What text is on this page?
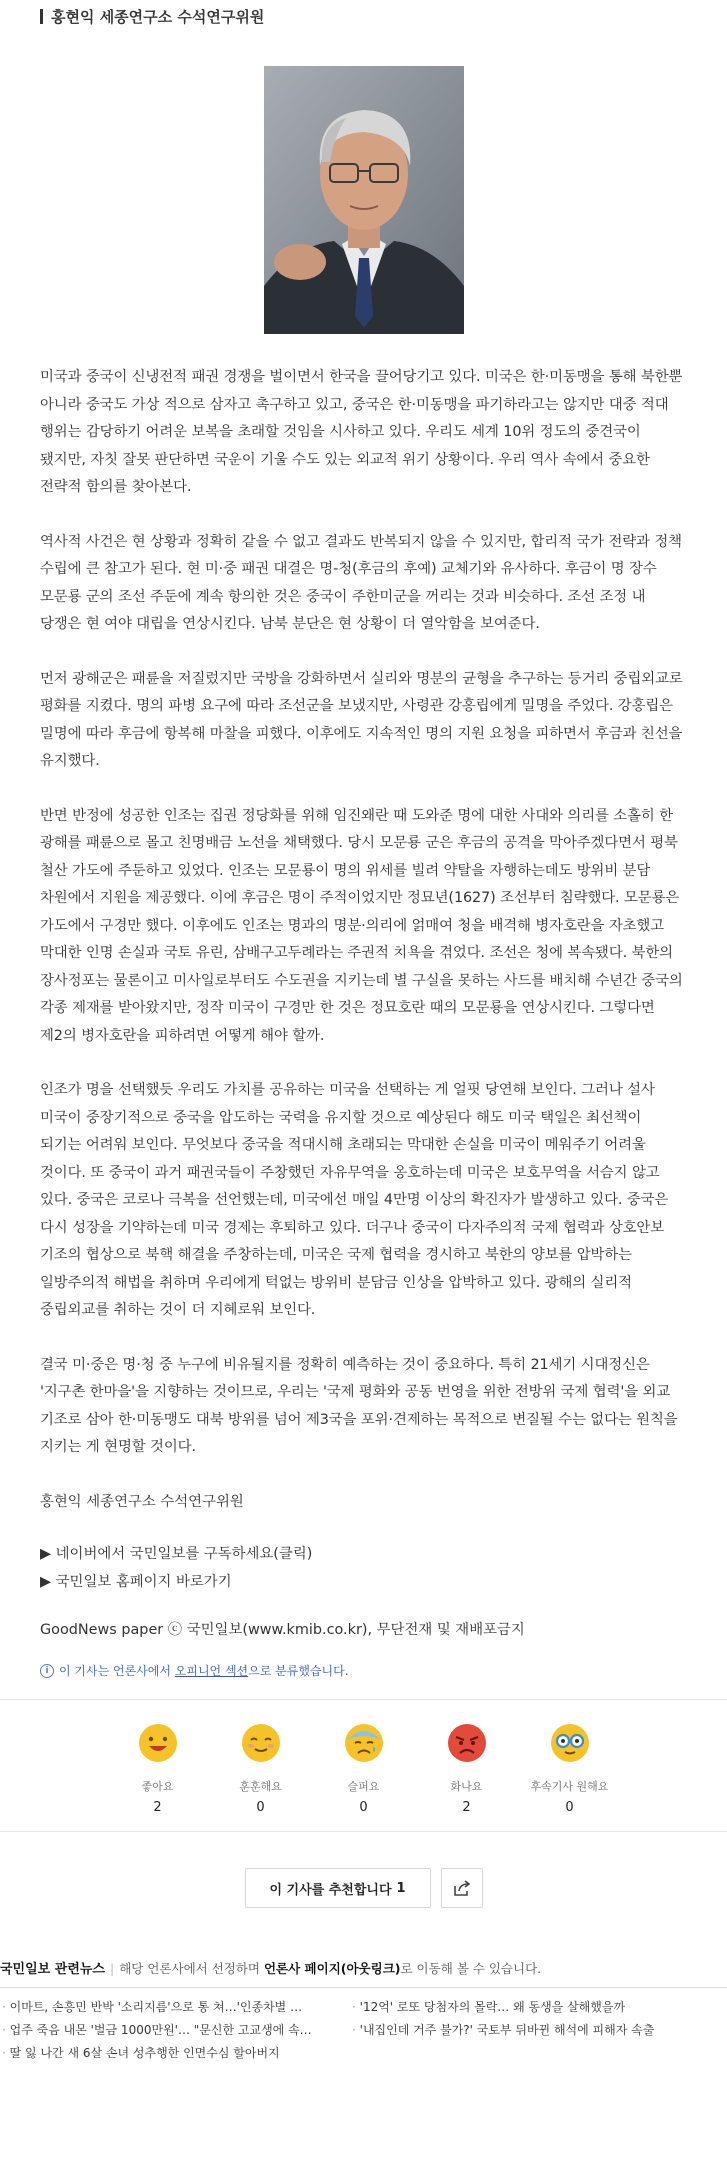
홍현익 세종연구소 수석연구위원

미국과 중국이 신냉전적 패권 경쟁을 벌이면서 한국을 끌어당기고 있다. 미국은 한·미동맹을 통해 북한뿐 아니라 중국도 가상 적으로 삼자고 촉구하고 있고, 중국은 한·미동맹을 파기하라고는 않지만 대중 적대 행위는 감당하기 어려운 보복을 초래할 것임을 시사하고 있다. 우리도 세계 10위 정도의 중견국이 됐지만, 자칫 잘못 판단하면 국운이 기울 수도 있는 외교적 위기 상황이다. 우리 역사 속에서 중요한 전략적 함의를 찾아본다.

역사적 사건은 현 상황과 정확히 같을 수 없고 결과도 반복되지 않을 수 있지만, 합리적 국가 전략과 정책 수립에 큰 참고가 된다. 현 미·중 패권 대결은 명-청(후금의 후예) 교체기와 유사하다. 후금이 명 장수 모문룡 군의 조선 주둔에 계속 항의한 것은 중국이 주한미군을 꺼리는 것과 비슷하다. 조선 조정 내 당쟁은 현 여야 대립을 연상시킨다. 남북 분단은 현 상황이 더 열악함을 보여준다.

먼저 광해군은 패륜을 저질렀지만 국방을 강화하면서 실리와 명분의 균형을 추구하는 등거리 중립외교로 평화를 지켰다. 명의 파병 요구에 따라 조선군을 보냈지만, 사령관 강홍립에게 밀명을 주었다. 강홍립은 밀명에 따라 후금에 항복해 마찰을 피했다. 이후에도 지속적인 명의 지원 요청을 피하면서 후금과 친선을 유지했다.

반면 반정에 성공한 인조는 집권 정당화를 위해 임진왜란 때 도와준 명에 대한 사대와 의리를 소홀히 한 광해를 패륜으로 몰고 친명배금 노선을 채택했다. 당시 모문룡 군은 후금의 공격을 막아주겠다면서 평북 철산 가도에 주둔하고 있었다. 인조는 모문룡이 명의 위세를 빌려 약탈을 자행하는데도 방위비 분담 차원에서 지원을 제공했다. 이에 후금은 명이 주적이었지만 정묘년(1627) 조선부터 침략했다. 모문룡은 가도에서 구경만 했다. 이후에도 인조는 명과의 명분·의리에 얽매여 청을 배격해 병자호란을 자초했고 막대한 인명 손실과 국토 유린, 삼배구고두례라는 주권적 치욕을 겪었다. 조선은 청에 복속됐다. 북한의 장사정포는 물론이고 미사일로부터도 수도권을 지키는데 별 구실을 못하는 사드를 배치해 수년간 중국의 각종 제재를 받아왔지만, 정작 미국이 구경만 한 것은 정묘호란 때의 모문룡을 연상시킨다. 그렇다면 제2의 병자호란을 피하려면 어떻게 해야 할까.

인조가 명을 선택했듯 우리도 가치를 공유하는 미국을 선택하는 게 얼핏 당연해 보인다. 그러나 설사 미국이 중장기적으로 중국을 압도하는 국력을 유지할 것으로 예상된다 해도 미국 택일은 최선책이 되기는 어려워 보인다. 무엇보다 중국을 적대시해 초래되는 막대한 손실을 미국이 메워주기 어려울 것이다. 또 중국이 과거 패권국들이 주창했던 자유무역을 옹호하는데 미국은 보호무역을 서슴지 않고 있다. 중국은 코로나 극복을 선언했는데, 미국에선 매일 4만명 이상의 확진자가 발생하고 있다. 중국은 다시 성장을 기약하는데 미국 경제는 후퇴하고 있다. 더구나 중국이 다자주의적 국제 협력과 상호안보 기조의 협상으로 북핵 해결을 주창하는데, 미국은 국제 협력을 경시하고 북한의 양보를 압박하는 일방주의적 해법을 취하며 우리에게 턱없는 방위비 분담금 인상을 압박하고 있다. 광해의 실리적 중립외교를 취하는 것이 더 지혜로워 보인다.

결국 미·중은 명·청 중 누구에 비유될지를 정확히 예측하는 것이 중요하다. 특히 21세기 시대정신은 '지구촌 한마을'을 지향하는 것이므로, 우리는 '국제 평화와 공동 번영을 위한 전방위 국제 협력'을 외교 기조로 삼아 한·미동맹도 대북 방위를 넘어 제3국을 포위·견제하는 목적으로 변질될 수는 없다는 원칙을 지키는 게 현명할 것이다.

홍현익 세종연구소 수석연구위원

▶ 네이버에서 국민일보를 구독하세요(클릭)
▶ 국민일보 홈페이지 바로가기

GoodNews paper ⓒ 국민일보(www.kmib.co.kr), 무단전재 및 재배포금지

i 이 기사는 언론사에서 오피니언 섹션으로 분류했습니다.
좋아요
2
훈훈해요
0
슬퍼요
0
화나요
2
후속기사 원해요
0
이 기사를 추천합니다 1
국민일보 관련뉴스 | 해당 언론사에서 선정하며 언론사 페이지(아웃링크)로 이동해 볼 수 있습니다.
· 이마트, 손흥민 반박 '소리지름'으로 통 쳐…'인종차별 …	· '12억' 로또 당첨자의 몰락… 왜 동생을 살해했을까
· 업주 죽음 내몬 '벌금 1000만원'… "문신한 고교생에 속…	· '내집인데 거주 불가?' 국토부 뒤바뀐 해석에 피해자 속출
· 딸 잃 나간 새 6살 손녀 성추행한 인면수심 할아버지
